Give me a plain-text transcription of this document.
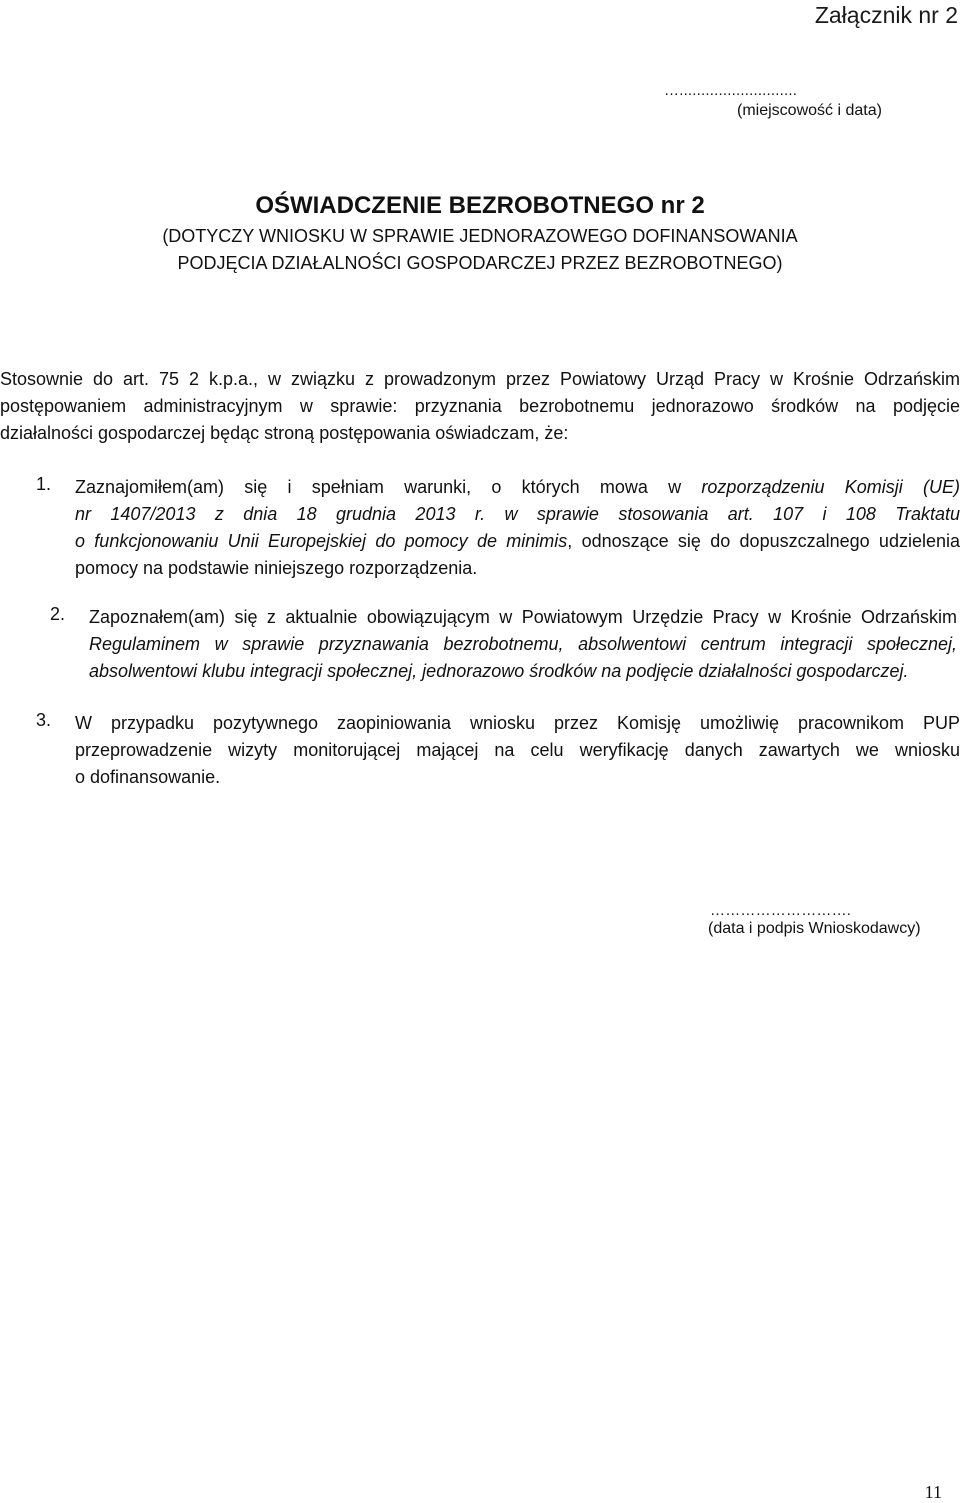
Załącznik nr 2
…...........................
(miejscowość i data)
OŚWIADCZENIE BEZROBOTNEGO nr 2
(DOTYCZY WNIOSKU W SPRAWIE JEDNORAZOWEGO DOFINANSOWANIA
PODJĘCIA DZIAŁALNOŚCI GOSPODARCZEJ PRZEZ BEZROBOTNEGO)
Stosownie do art. 75 2 k.p.a., w związku z prowadzonym przez Powiatowy Urząd Pracy w Krośnie Odrzańskim
postępowaniem administracyjnym w sprawie: przyznania bezrobotnemu jednorazowo środków na podjęcie
działalności gospodarczej będąc stroną postępowania oświadczam, że:
1. Zaznajomiłem(am) się i spełniam warunki, o których mowa w rozporządzeniu Komisji (UE)
nr 1407/2013 z dnia 18 grudnia 2013 r. w sprawie stosowania art. 107 i 108 Traktatu
o funkcjonowaniu Unii Europejskiej do pomocy de minimis, odnoszące się do dopuszczalnego udzielenia
pomocy na podstawie niniejszego rozporządzenia.
2. Zapoznałem(am) się z aktualnie obowiązującym w Powiatowym Urzędzie Pracy w Krośnie Odrzańskim
Regulaminem w sprawie przyznawania bezrobotnemu, absolwentowi centrum integracji społecznej,
absolwentowi klubu integracji społecznej, jednorazowo środków na podjęcie działalności gospodarczej.
3. W przypadku pozytywnego zaopiniowania wniosku przez Komisję umożliwię pracownikom PUP
przeprowadzenie wizyty monitorującej mającej na celu weryfikację danych zawartych we wniosku
o dofinansowanie.
……………………….
(data i podpis Wnioskodawcy)
11
